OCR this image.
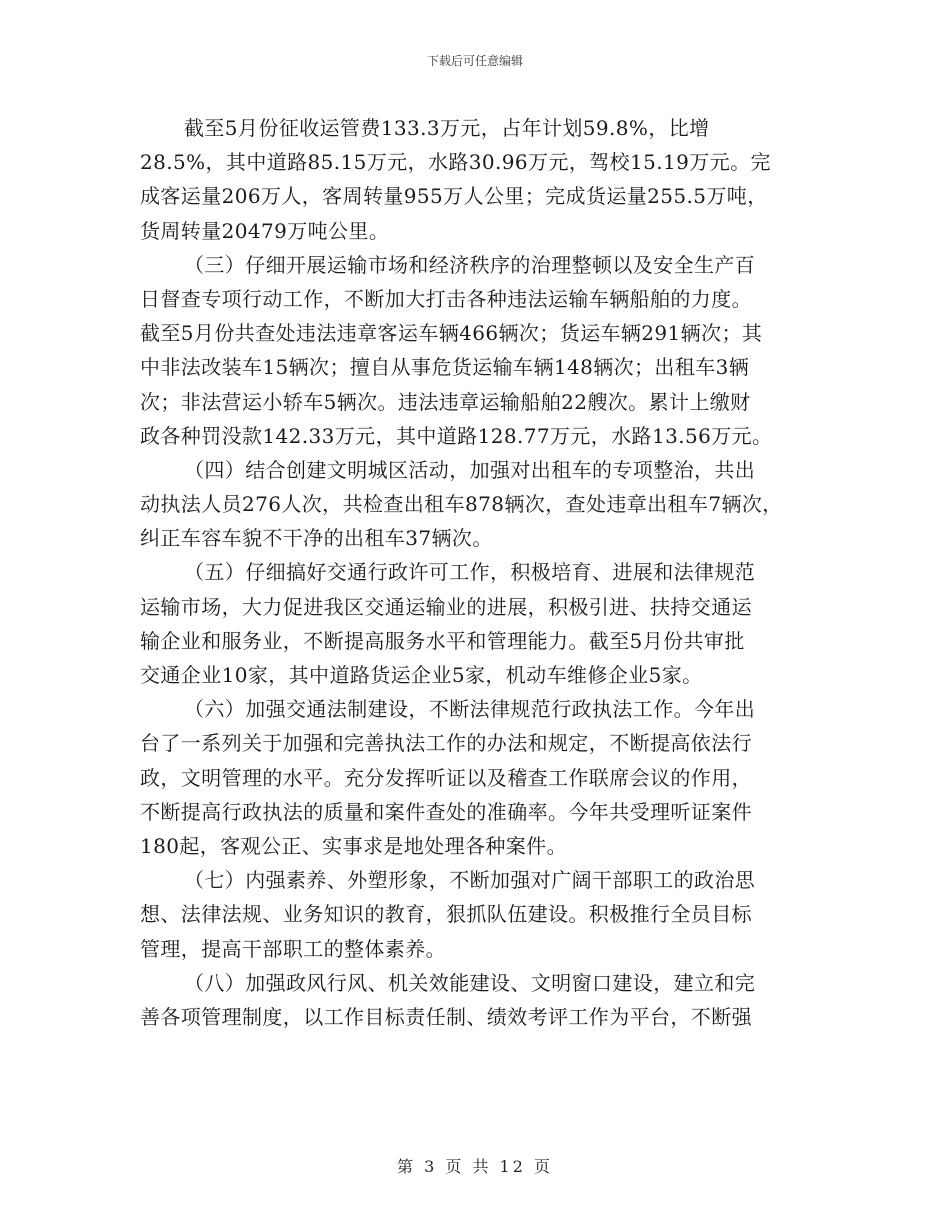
下载后可任意编辑
截至5月份征收运管费133.3万元，占年计划59.8%，比增
28.5%，其中道路85.15万元，水路30.96万元，驾校15.19万元。完
成客运量206万人，客周转量955万人公里；完成货运量255.5万吨，
货周转量20479万吨公里。
（三）仔细开展运输市场和经济秩序的治理整顿以及安全生产百
日督查专项行动工作，不断加大打击各种违法运输车辆船舶的力度。
截至5月份共查处违法违章客运车辆466辆次；货运车辆291辆次；其
中非法改装车15辆次；擅自从事危货运输车辆148辆次；出租车3辆
次；非法营运小轿车5辆次。违法违章运输船舶22艘次。累计上缴财
政各种罚没款142.33万元，其中道路128.77万元，水路13.56万元。
（四）结合创建文明城区活动，加强对出租车的专项整治，共出
动执法人员276人次，共检查出租车878辆次，查处违章出租车7辆次，
纠正车容车貌不干净的出租车37辆次。
（五）仔细搞好交通行政许可工作，积极培育、进展和法律规范
运输市场，大力促进我区交通运输业的进展，积极引进、扶持交通运
输企业和服务业，不断提高服务水平和管理能力。截至5月份共审批
交通企业10家，其中道路货运企业5家，机动车维修企业5家。
（六）加强交通法制建设，不断法律规范行政执法工作。今年出
台了一系列关于加强和完善执法工作的办法和规定，不断提高依法行
政，文明管理的水平。充分发挥听证以及稽查工作联席会议的作用，
不断提高行政执法的质量和案件查处的准确率。今年共受理听证案件
180起，客观公正、实事求是地处理各种案件。
（七）内强素养、外塑形象，不断加强对广阔干部职工的政治思
想、法律法规、业务知识的教育，狠抓队伍建设。积极推行全员目标
管理，提高干部职工的整体素养。
（八）加强政风行风、机关效能建设、文明窗口建设，建立和完
善各项管理制度，以工作目标责任制、绩效考评工作为平台，不断强
第 3 页 共 12 页
